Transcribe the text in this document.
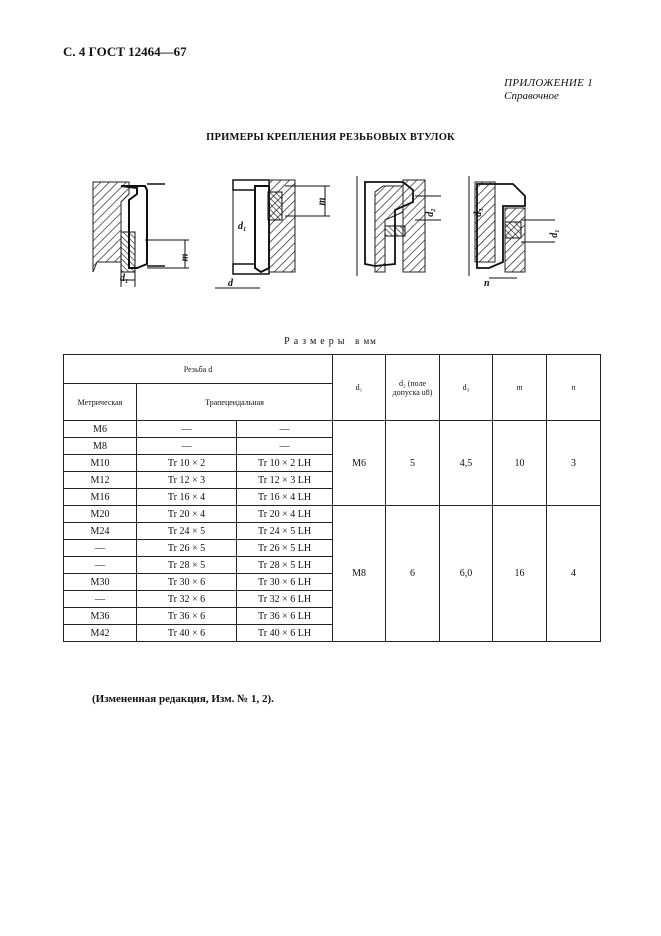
С. 4 ГОСТ 12464—67
ПРИЛОЖЕНИЕ 1
Справочное
ПРИМЕРЫ КРЕПЛЕНИЯ РЕЗЬБОВЫХ ВТУЛОК
d₁
m
d₁
m
d
d₂	d₃
d₁
n
Размеры в мм
Резьба d			d₁	d₂ (поле допуска u8)	d₃	m	n
Метрическая	Трапецеидальная						
M6	—	—	M6	5	4,5	10	3
M8	—	—					
M10	Tr 10 × 2	Tr 10 × 2 LH					
M12	Tr 12 × 3	Tr 12 × 3 LH					
M16	Tr 16 × 4	Tr 16 × 4 LH					
M20	Tr 20 × 4	Tr 20 × 4 LH	M8	6	6,0	16	4
M24	Tr 24 × 5	Tr 24 × 5 LH					
—	Tr 26 × 5	Tr 26 × 5 LH					
—	Tr 28 × 5	Tr 28 × 5 LH					
M30	Tr 30 × 6	Tr 30 × 6 LH					
—	Tr 32 × 6	Tr 32 × 6 LH					
M36	Tr 36 × 6	Tr 36 × 6 LH					
M42	Tr 40 × 6	Tr 40 × 6 LH					
(Измененная редакция, Изм. № 1, 2).
